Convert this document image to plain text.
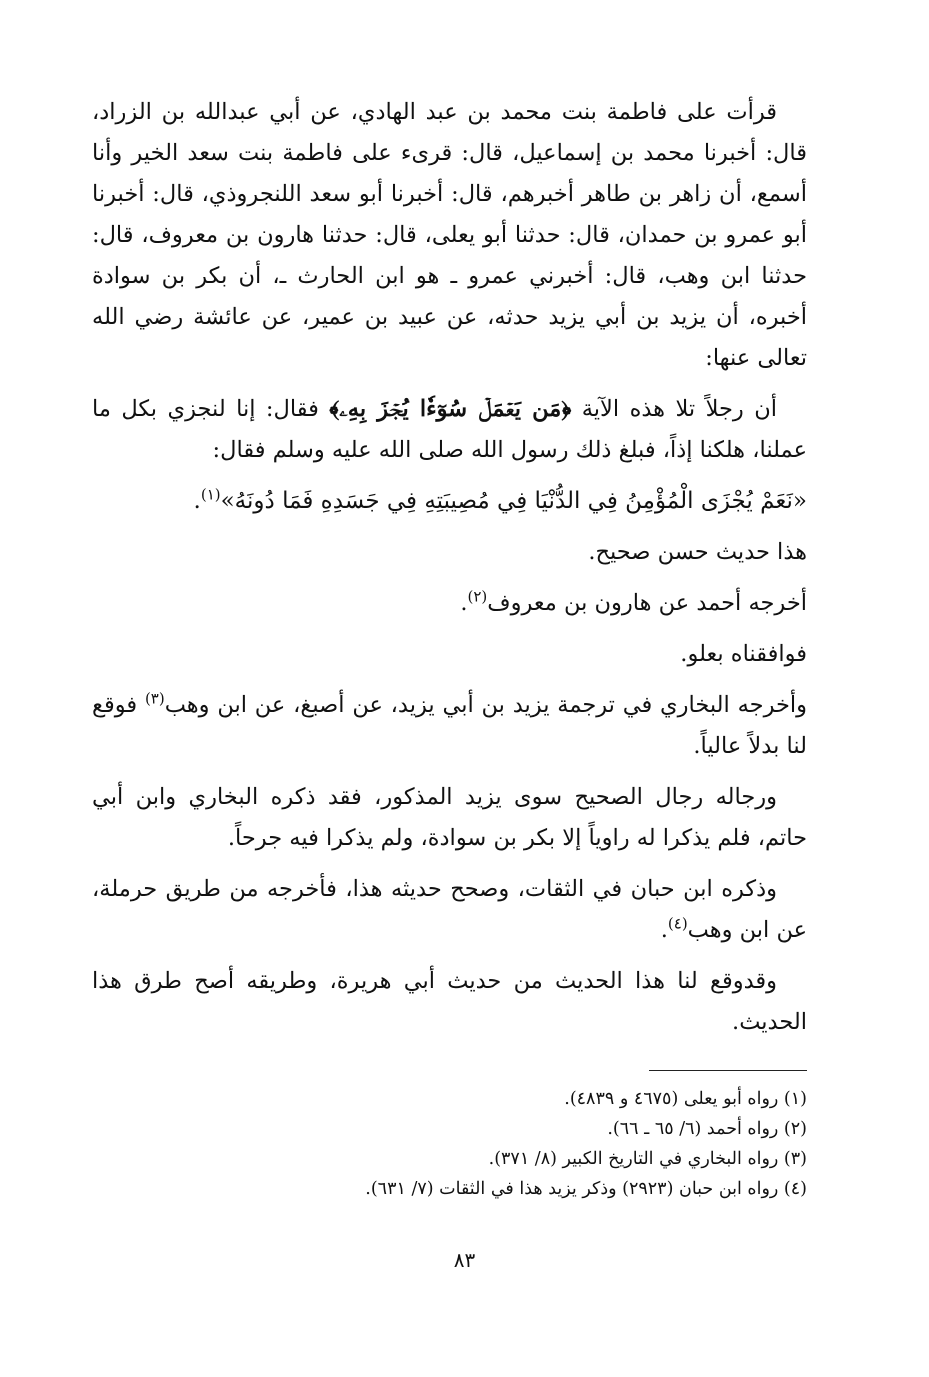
قرأت على فاطمة بنت محمد بن عبد الهادي، عن أبي عبدالله بن الزراد، قال: أخبرنا محمد بن إسماعيل، قال: قرىء على فاطمة بنت سعد الخير وأنا أسمع، أن زاهر بن طاهر أخبرهم، قال: أخبرنا أبو سعد اللنجروذي، قال: أخبرنا أبو عمرو بن حمدان، قال: حدثنا أبو يعلى، قال: حدثنا هارون بن معروف، قال: حدثنا ابن وهب، قال: أخبرني عمرو ـ هو ابن الحارث ـ، أن بكر بن سوادة أخبره، أن يزيد بن أبي يزيد حدثه، عن عبيد بن عمير، عن عائشة رضي الله تعالى عنها:

أن رجلاً تلا هذه الآية ﴿مَن يَعۡمَلۡ سُوٓءٗا يُجۡزَ بِهِۦ﴾ فقال: إنا لنجزي بكل ما عملنا، هلكنا إذاً، فبلغ ذلك رسول الله صلى الله عليه وسلم فقال:

«نَعَمْ يُجْزَى الْمُؤْمِنُ فِي الدُّنْيَا فِي مُصِيبَتِهِ فِي جَسَدِهِ فَمَا دُونَهُ»$^{(١)}$.

هذا حديث حسن صحيح.

أخرجه أحمد عن هارون بن معروف$^{(٢)}$.

فوافقناه بعلو.

وأخرجه البخاري في ترجمة يزيد بن أبي يزيد، عن أصبغ، عن ابن وهب$^{(٣)}$ فوقع لنا بدلاً عالياً.

ورجاله رجال الصحيح سوى يزيد المذكور، فقد ذكره البخاري وابن أبي حاتم، فلم يذكرا له راوياً إلا بكر بن سوادة، ولم يذكرا فيه جرحاً.

وذكره ابن حبان في الثقات، وصحح حديثه هذا، فأخرجه من طريق حرملة، عن ابن وهب$^{(٤)}$.

وقدوقع لنا هذا الحديث من حديث أبي هريرة، وطريقه أصح طرق هذا الحديث.

(١) رواه أبو يعلى (٤٦٧٥ و ٤٨٣٩).

(٢) رواه أحمد (٦/ ٦٥ ـ ٦٦).

(٣) رواه البخاري في التاريخ الكبير (٨/ ٣٧١).

(٤) رواه ابن حبان (٢٩٢٣) وذكر يزيد هذا في الثقات (٧/ ٦٣١).

٨٣
